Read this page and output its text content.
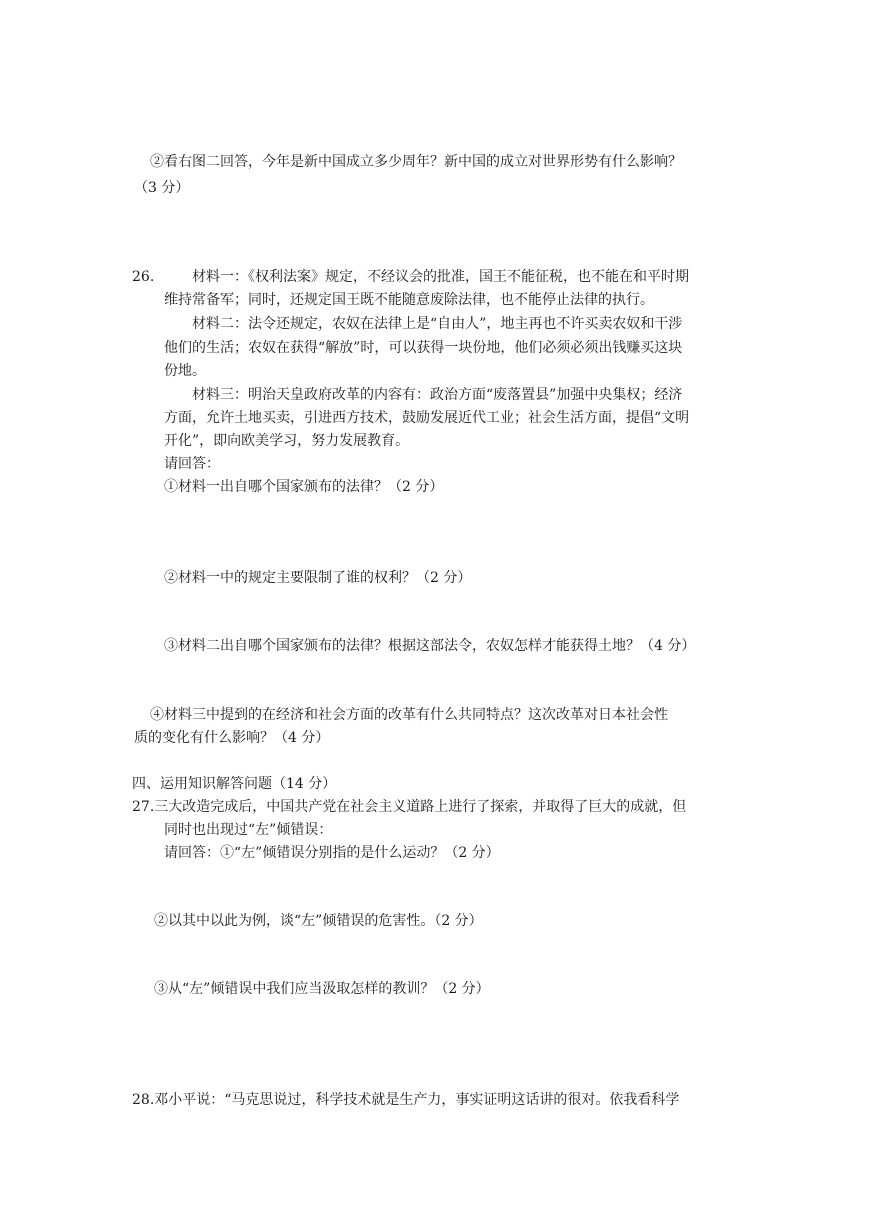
②看右图二回答，今年是新中国成立多少周年？新中国的成立对世界形势有什么影响？
（3 分）
26.	材料一：《权利法案》规定，不经议会的批准，国王不能征税，也不能在和平时期
维持常备军；同时，还规定国王既不能随意废除法律，也不能停止法律的执行。
材料二：法令还规定，农奴在法律上是“自由人”，地主再也不许买卖农奴和干涉
他们的生活；农奴在获得“解放”时，可以获得一块份地，他们必须必须出钱赚买这块
份地。
材料三：明治天皇政府改革的内容有：政治方面“废落置县”加强中央集权；经济
方面，允许土地买卖，引进西方技术，鼓励发展近代工业；社会生活方面，提倡“文明
开化”，即向欧美学习，努力发展教育。
请回答：
①材料一出自哪个国家颁布的法律？（2 分）
②材料一中的规定主要限制了谁的权利？（2 分）
③材料二出自哪个国家颁布的法律？根据这部法令，农奴怎样才能获得土地？（4 分）
④材料三中提到的在经济和社会方面的改革有什么共同特点？这次改革对日本社会性
质的变化有什么影响？（4 分）
四、运用知识解答问题（14 分）
27.三大改造完成后，中国共产党在社会主义道路上进行了探索，并取得了巨大的成就，但
同时也出现过“左”倾错误：
请回答：①“左”倾错误分别指的是什么运动？（2 分）
②以其中以此为例，谈“左”倾错误的危害性。（2 分）
③从“左”倾错误中我们应当汲取怎样的教训？（2 分）
28.邓小平说：“马克思说过，科学技术就是生产力，事实证明这话讲的很对。依我看科学
